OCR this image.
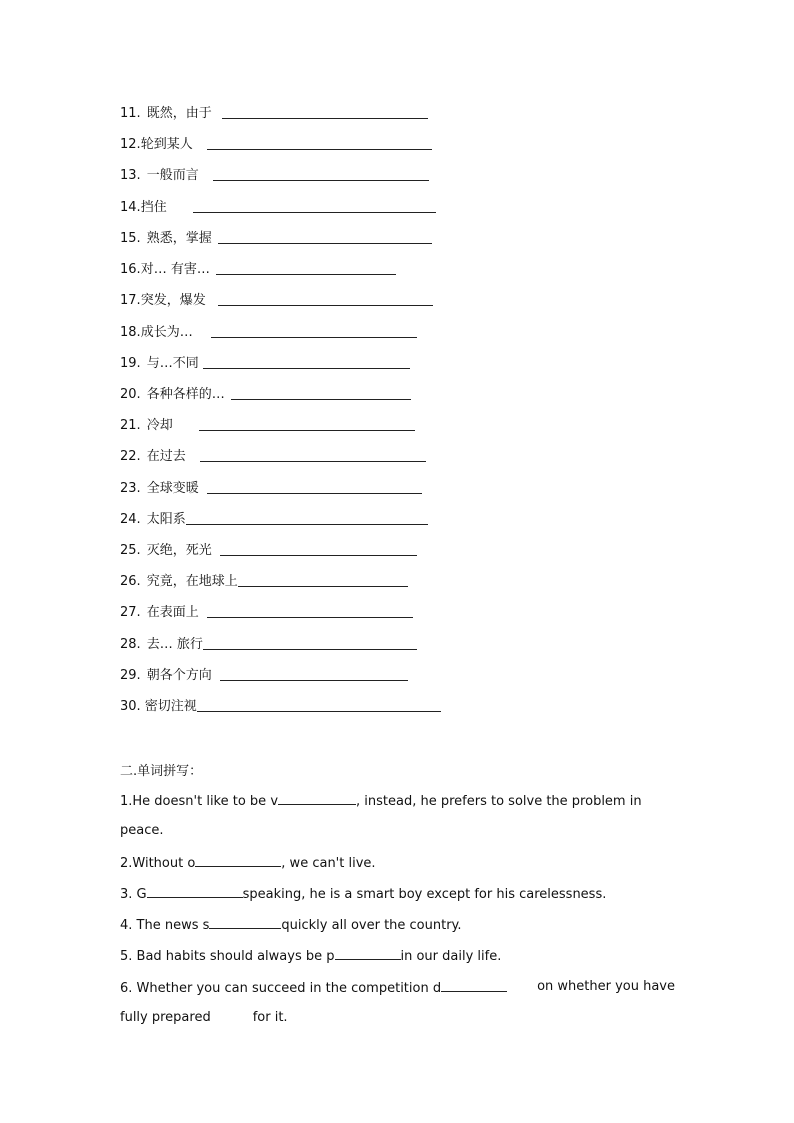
11. 既然，由于
12. 轮到某人
13. 一般而言
14. 挡住
15. 熟悉，掌握
16. 对… 有害…
17. 突发，爆发
18. 成长为…
19. 与…不同
20. 各种各样的…
21. 冷却
22. 在过去
23. 全球变暖
24. 太阳系
25. 灭绝，死光
26. 究竟，在地球上
27. 在表面上
28. 去… 旅行
29. 朝各个方向
30. 密切注视
二.单词拼写：
1.He doesn't like to be v	, instead, he prefers to solve the problem in
peace.
2.Without o	, we can't live.
3. G	speaking, he is a smart boy except for his carelessness.
4. The news s	quickly all over the country.
5. Bad habits should always be p	in our daily life.
6. Whether you can succeed in the competition d	on whether you have
fully prepared	for it.
